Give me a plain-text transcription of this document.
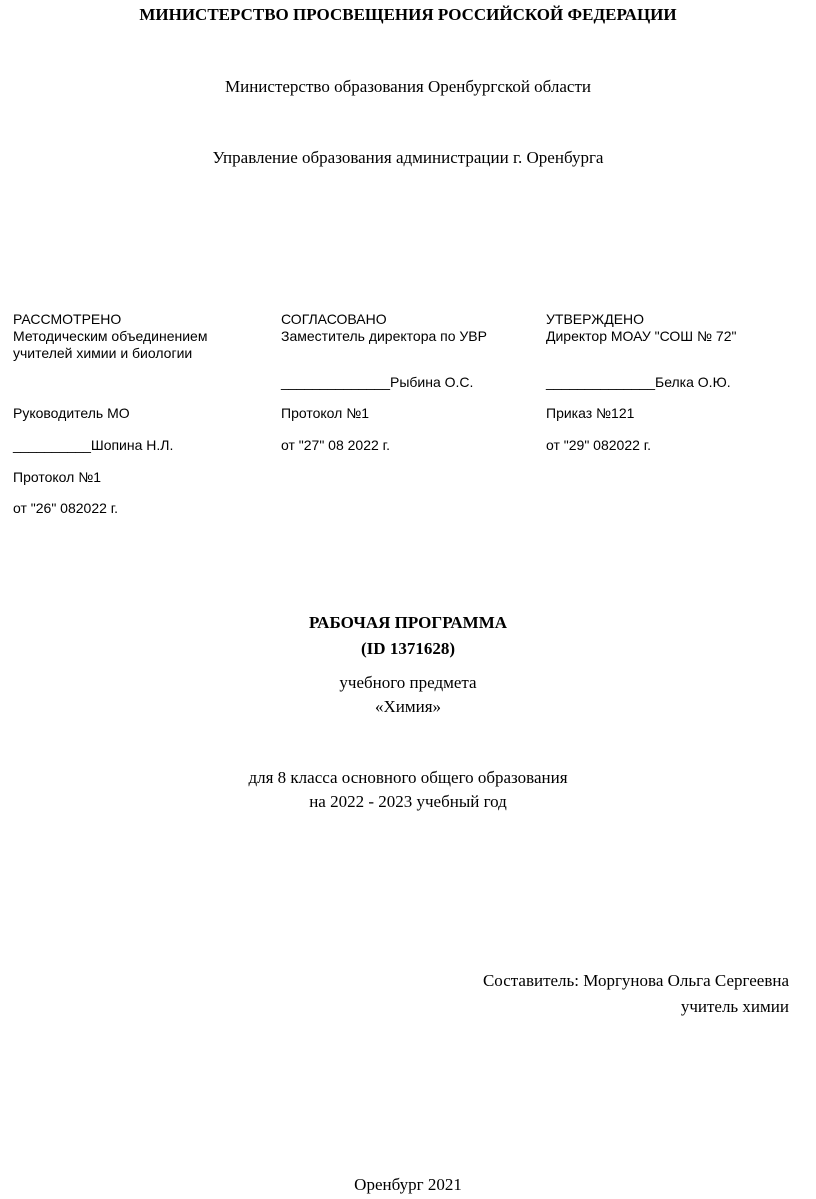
МИНИСТЕРСТВО ПРОСВЕЩЕНИЯ РОССИЙСКОЙ ФЕДЕРАЦИИ
Министерство образования Оренбургской области
Управление образования администрации г. Оренбурга
РАССМОТРЕНО
Методическим объединением
учителей химии и биологии
Руководитель МО
__________Шопина Н.Л.
Протокол №1
от "26" 082022 г.
СОГЛАСОВАНО
Заместитель директора по УВР
______________Рыбина О.С.
Протокол №1
от "27" 08 2022 г.
УТВЕРЖДЕНО
Директор МОАУ "СОШ № 72"
______________Белка О.Ю.
Приказ №121
от "29" 082022 г.
РАБОЧАЯ ПРОГРАММА
(ID 1371628)
учебного предмета
«Химия»
для 8 класса основного общего образования
на 2022 - 2023 учебный год
Составитель: Моргунова Ольга Сергеевна
учитель химии
Оренбург 2021
